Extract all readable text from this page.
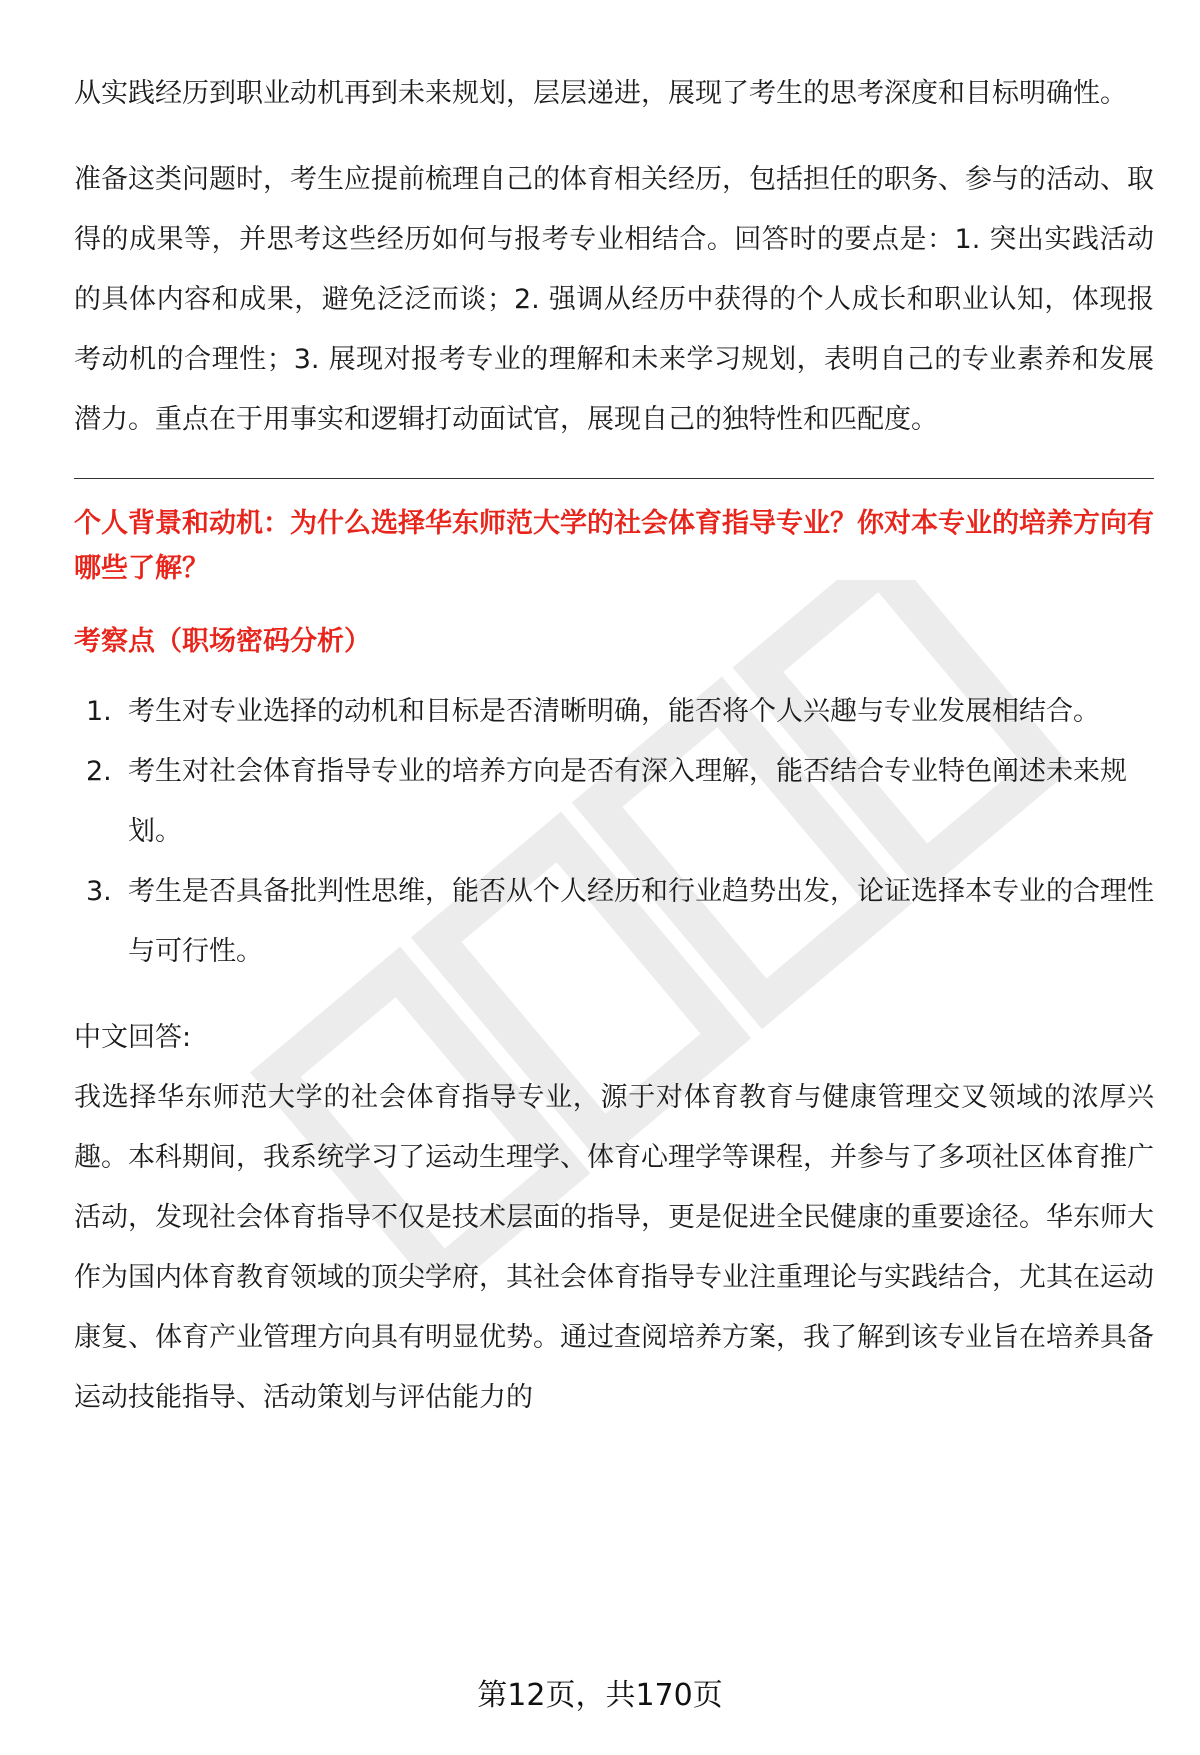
从实践经历到职业动机再到未来规划，层层递进，展现了考生的思考深度和目标明确性。

准备这类问题时，考生应提前梳理自己的体育相关经历，包括担任的职务、参与的活动、取得的成果等，并思考这些经历如何与报考专业相结合。回答时的要点是：1. 突出实践活动的具体内容和成果，避免泛泛而谈；2. 强调从经历中获得的个人成长和职业认知，体现报考动机的合理性；3. 展现对报考专业的理解和未来学习规划，表明自己的专业素养和发展潜力。重点在于用事实和逻辑打动面试官，展现自己的独特性和匹配度。

个人背景和动机：为什么选择华东师范大学的社会体育指导专业？你对本专业的培养方向有哪些了解？

考察点（职场密码分析）

1. 考生对专业选择的动机和目标是否清晰明确，能否将个人兴趣与专业发展相结合。
2. 考生对社会体育指导专业的培养方向是否有深入理解，能否结合专业特色阐述未来规划。
3. 考生是否具备批判性思维，能否从个人经历和行业趋势出发，论证选择本专业的合理性与可行性。

中文回答:

我选择华东师范大学的社会体育指导专业，源于对体育教育与健康管理交叉领域的浓厚兴趣。本科期间，我系统学习了运动生理学、体育心理学等课程，并参与了多项社区体育推广活动，发现社会体育指导不仅是技术层面的指导，更是促进全民健康的重要途径。华东师大作为国内体育教育领域的顶尖学府，其社会体育指导专业注重理论与实践结合，尤其在运动康复、体育产业管理方向具有明显优势。通过查阅培养方案，我了解到该专业旨在培养具备运动技能指导、活动策划与评估能力的

第12页，共170页
